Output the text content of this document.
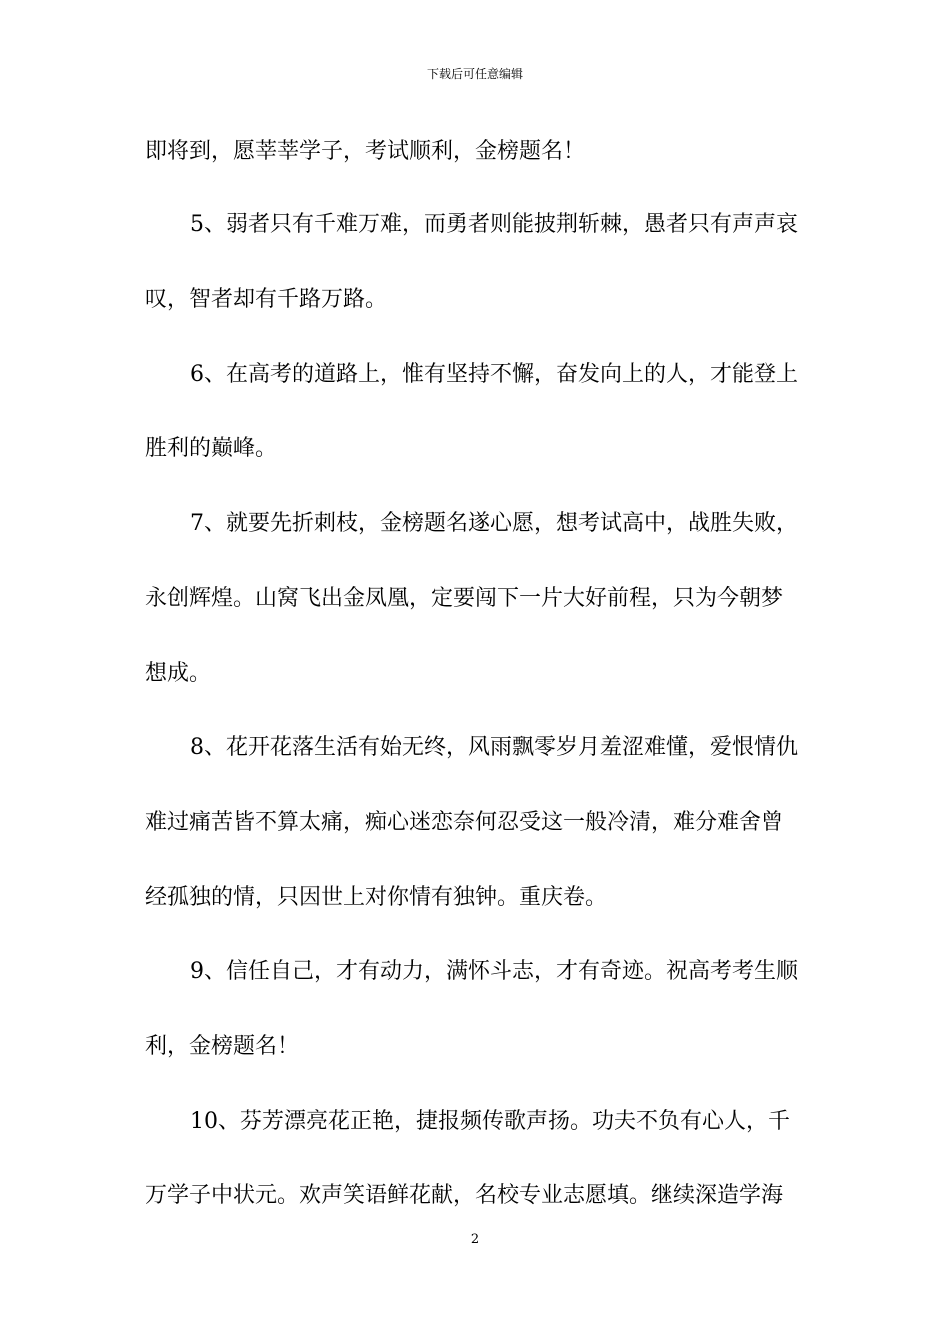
下载后可任意编辑
即将到，愿莘莘学子，考试顺利，金榜题名！
5、弱者只有千难万难，而勇者则能披荆斩棘，愚者只有声声哀
叹，智者却有千路万路。
6、在高考的道路上，惟有坚持不懈，奋发向上的人，才能登上
胜利的巅峰。
7、就要先折刺枝，金榜题名遂心愿，想考试高中，战胜失败，
永创辉煌。山窝飞出金凤凰，定要闯下一片大好前程，只为今朝梦
想成。
8、花开花落生活有始无终，风雨飘零岁月羞涩难懂，爱恨情仇
难过痛苦皆不算太痛，痴心迷恋奈何忍受这一般冷清，难分难舍曾
经孤独的情，只因世上对你情有独钟。重庆卷。
9、信任自己，才有动力，满怀斗志，才有奇迹。祝高考考生顺
利，金榜题名！
10、芬芳漂亮花正艳，捷报频传歌声扬。功夫不负有心人，千
万学子中状元。欢声笑语鲜花献，名校专业志愿填。继续深造学海
2
